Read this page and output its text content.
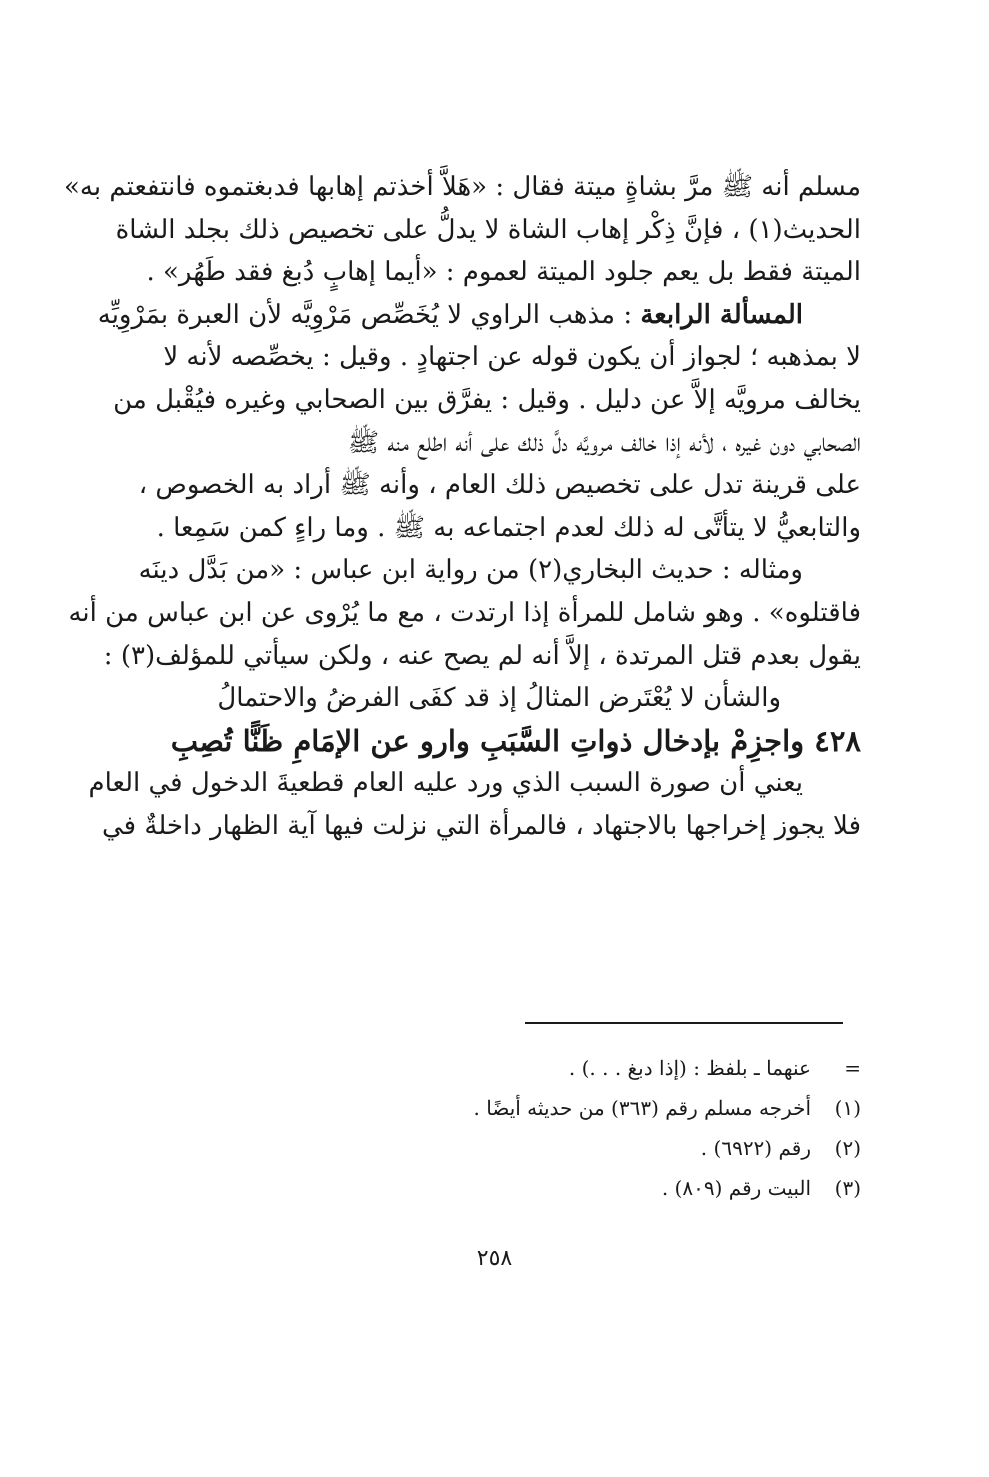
مسلم أنه ﷺ مرَّ بشاةٍ ميتة فقال : «هَلاَّ أخذتم إهابها فدبغتموه فانتفعتم به»
الحديث(١) ، فإنَّ ذِكْر إهاب الشاة لا يدلُّ على تخصيص ذلك بجلد الشاة
الميتة فقط بل يعم جلود الميتة لعموم : «أيما إهابٍ دُبغ فقد طَهُر» .
المسألة الرابعة : مذهب الراوي لا يُخَصِّص مَرْوِيَّه لأن العبرة بمَرْوِيِّه
لا بمذهبه ؛ لجواز أن يكون قوله عن اجتهادٍ . وقيل : يخصِّصه لأنه لا
يخالف مرويَّه إلاَّ عن دليل . وقيل : يفرَّق بين الصحابي وغيره فيُقْبل من
الصحابي دون غيره ، لأنه إذا خالف مرويَّه دلَّ ذلك على أنه اطلع منه ﷺ
على قرينة تدل على تخصيص ذلك العام ، وأنه ﷺ أراد به الخصوص ،
والتابعيُّ لا يتأتَّى له ذلك لعدم اجتماعه به ﷺ . وما راءٍ كمن سَمِعا .
ومثاله : حديث البخاري(٢) من رواية ابن عباس : «من بَدَّل دينَه
فاقتلوه» . وهو شامل للمرأة إذا ارتدت ، مع ما يُرْوى عن ابن عباس من أنه
يقول بعدم قتل المرتدة ، إلاَّ أنه لم يصح عنه ، ولكن سيأتي للمؤلف(٣) :
والشأن لا يُعْتَرض المثالُ إذ قد كفَى الفرضُ والاحتمالُ
٤٢٨ واجزِمْ بإدخال ذواتِ السَّبَبِ وارو عن الإمَامِ ظَنًّا تُصِبِ
يعني أن صورة السبب الذي ورد عليه العام قطعيةَ الدخول في العام
فلا يجوز إخراجها بالاجتهاد ، فالمرأة التي نزلت فيها آية الظهار داخلةٌ في
=عنهما ـ بلفظ : (إذا دبغ . . .) .
(١)أخرجه مسلم رقم (٣٦٣) من حديثه أيضًا .
(٢)رقم (٦٩٢٢) .
(٣)البيت رقم (٨٠٩) .
٢٥٨
